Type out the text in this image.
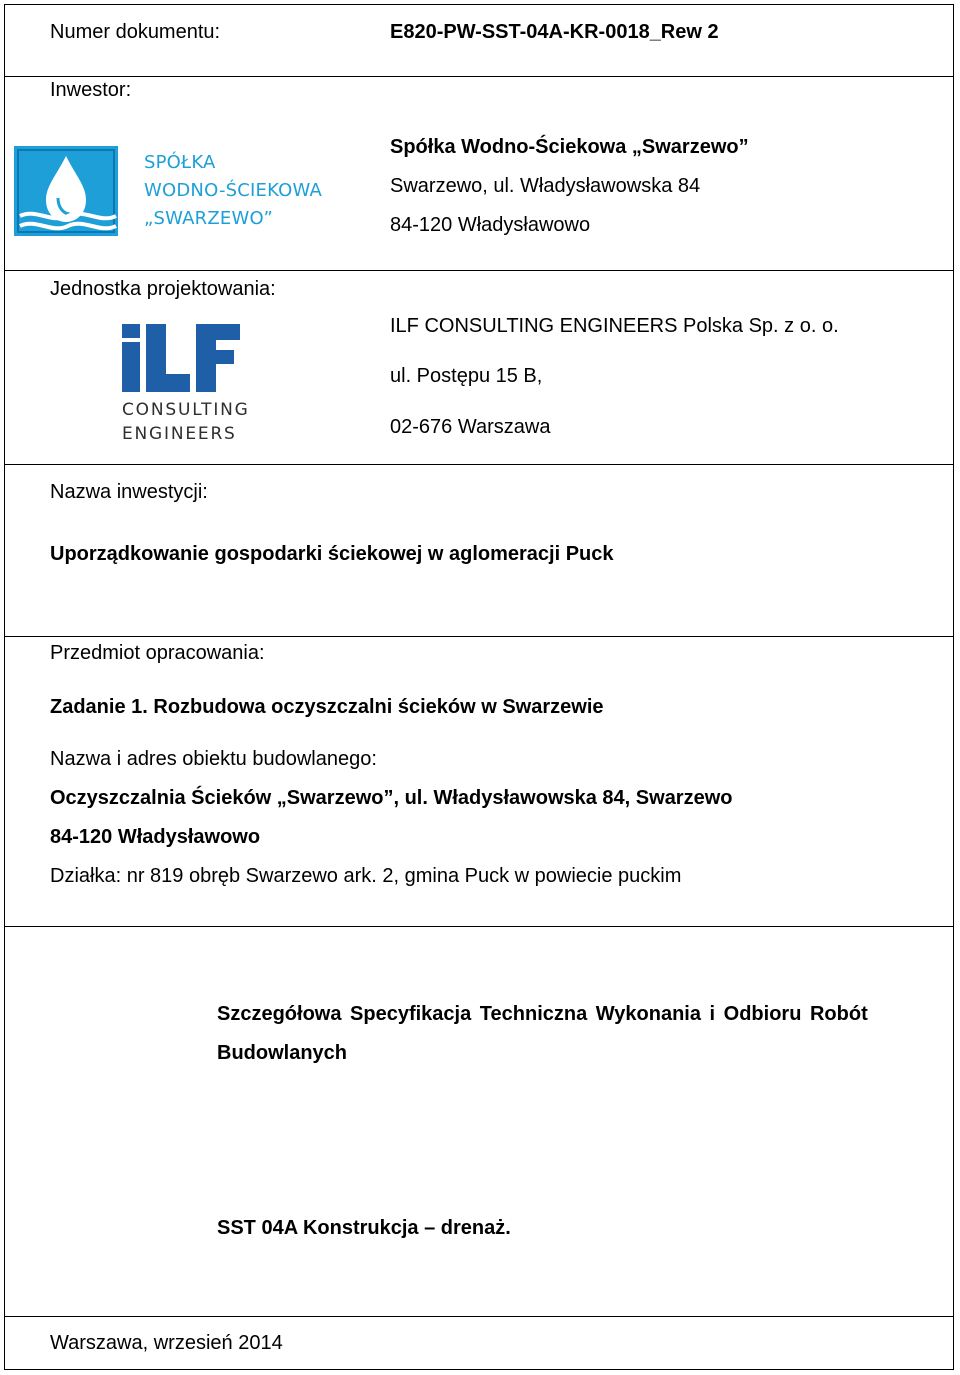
Numer dokumentu:	E820-PW-SST-04A-KR-0018_Rew 2
Inwestor:
SPÓŁKA
WODNO-ŚCIEKOWA
„SWARZEWO”
Spółka Wodno-Ściekowa „Swarzewo”
Swarzewo, ul. Władysławowska 84
84-120 Władysławowo
Jednostka projektowania:
CONSULTING
ENGINEERS
ILF CONSULTING ENGINEERS Polska Sp. z o. o.
ul. Postępu 15 B,
02-676 Warszawa
Nazwa inwestycji:
Uporządkowanie gospodarki ściekowej w aglomeracji Puck
Przedmiot opracowania:
Zadanie 1. Rozbudowa oczyszczalni ścieków w Swarzewie
Nazwa i adres obiektu budowlanego:
Oczyszczalnia Ścieków „Swarzewo”, ul. Władysławowska 84, Swarzewo
84-120 Władysławowo
Działka: nr 819 obręb Swarzewo ark. 2, gmina Puck w powiecie puckim
Szczegółowa Specyfikacja Techniczna Wykonania i Odbioru Robót
Budowlanych
SST 04A Konstrukcja – drenaż.
Warszawa, wrzesień 2014
